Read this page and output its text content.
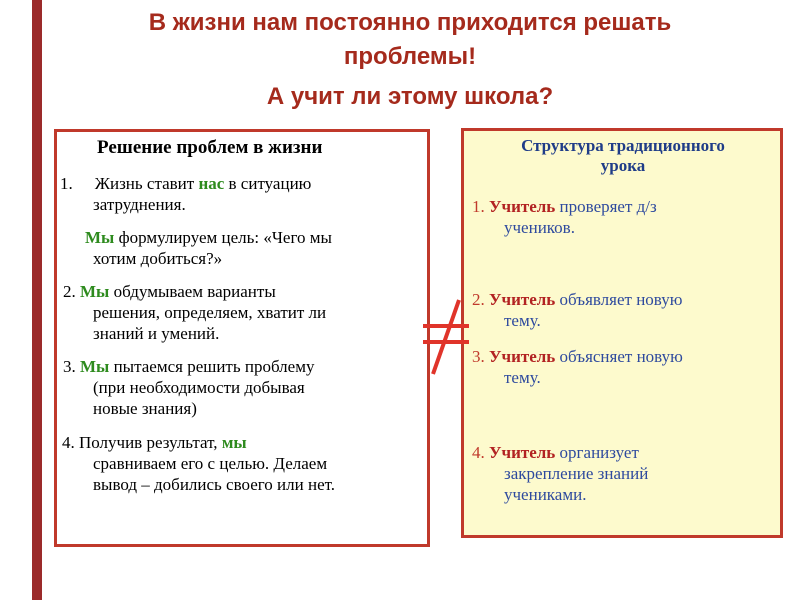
В жизни нам постоянно приходится решать
проблемы!
А учит ли этому школа?
Решение проблем в жизни
1. Жизнь ставит нас в ситуацию
затруднения.
Мы формулируем цель: «Чего мы
хотим добиться?»
2. Мы обдумываем варианты
решения, определяем, хватит ли
знаний и умений.
3. Мы пытаемся решить проблему
(при необходимости добывая
новые знания)
4. Получив результат, мы
сравниваем его с целью. Делаем
вывод – добились своего или нет.
Структура традиционного
урока
1. Учитель проверяет д/з
учеников.
2. Учитель объявляет новую
тему.
3. Учитель объясняет новую
тему.
4. Учитель организует
закрепление знаний
учениками.
